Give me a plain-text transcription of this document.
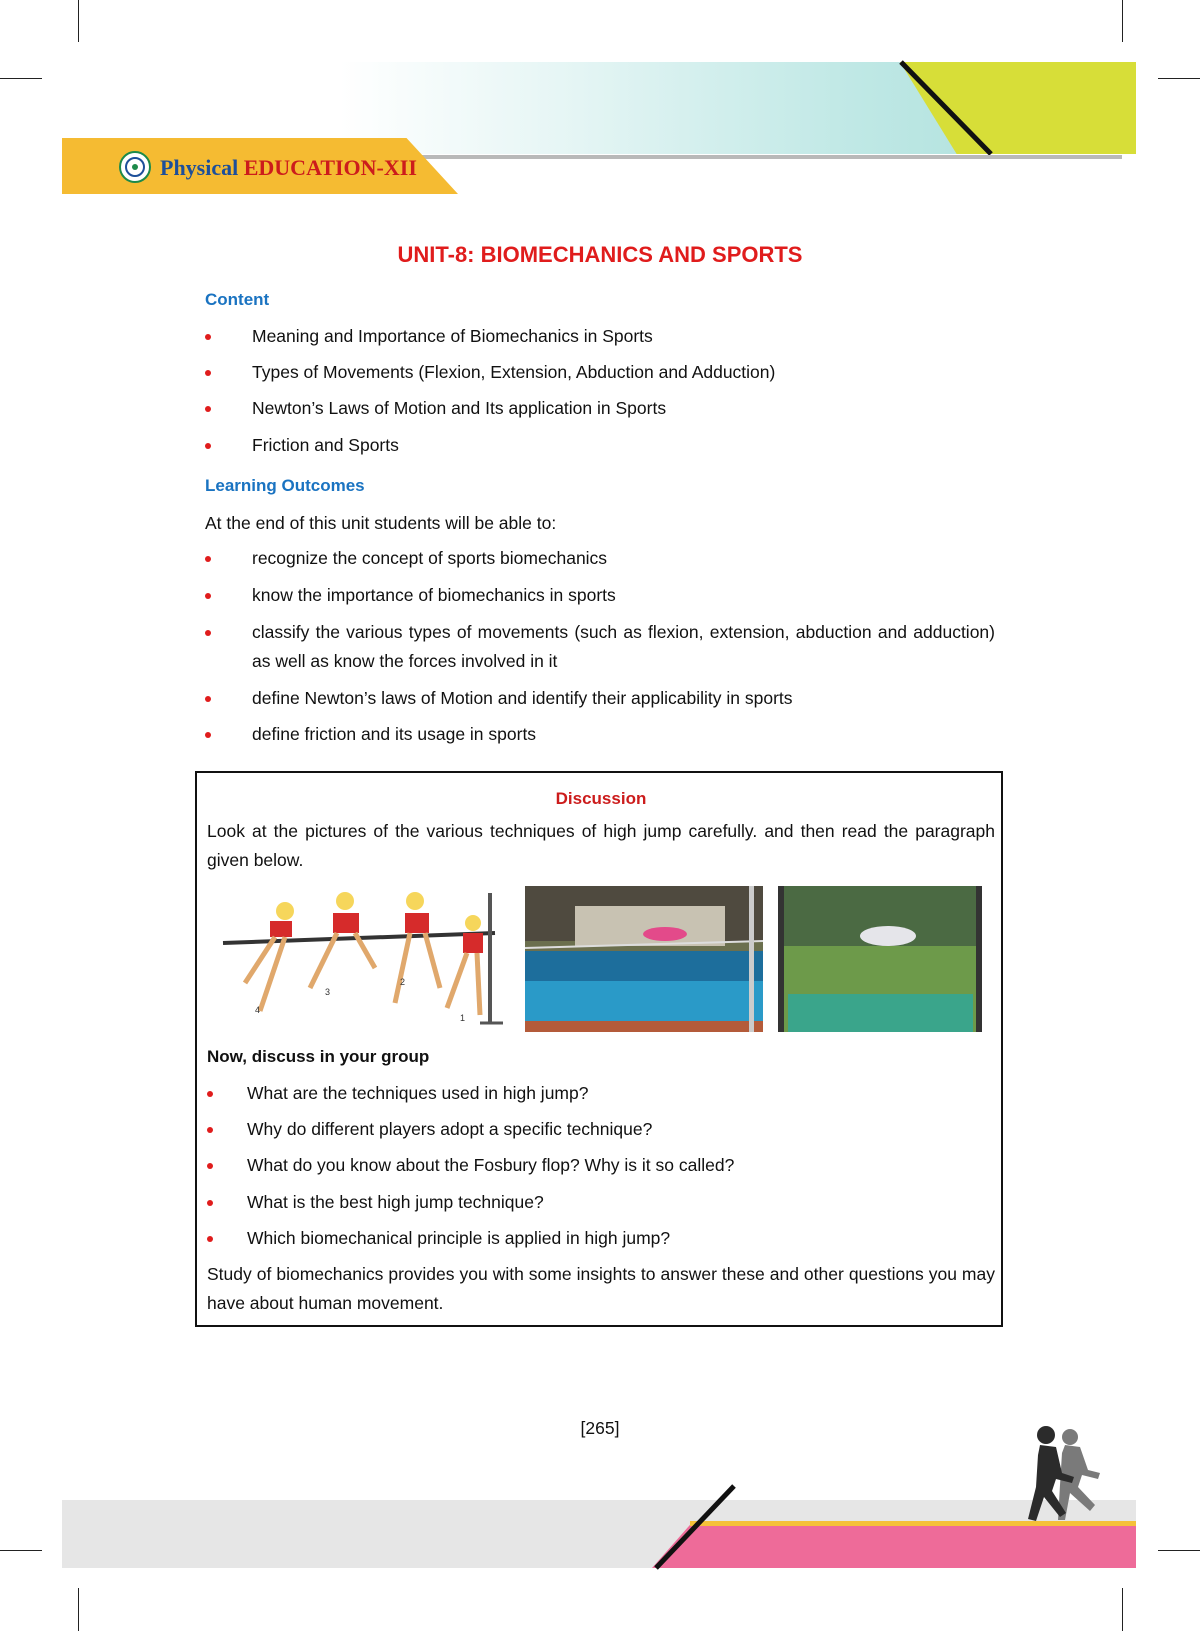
Physical EDUCATION-XII
UNIT-8: BIOMECHANICS AND SPORTS
Content
Meaning and Importance of Biomechanics in Sports
Types of Movements (Flexion, Extension, Abduction and Adduction)
Newton’s Laws of Motion and Its application in Sports
Friction and Sports
Learning Outcomes
At the end of this unit students will be able to:
recognize the concept of sports biomechanics
know the importance of biomechanics in sports
classify the various types of movements (such as flexion, extension, abduction and adduction) as well as know the forces involved in it
define Newton’s laws of Motion and identify their applicability in sports
define friction and its usage in sports
Discussion
Look at the pictures of the various techniques of high jump carefully. and then read the paragraph given below.
1
2
3
4
Now, discuss in your group
What are the techniques used in high jump?
Why do different players adopt a specific technique?
What do you know about the Fosbury flop? Why is it so called?
What is the best high jump technique?
Which biomechanical principle is applied in high jump?
Study of biomechanics provides you with some insights to answer these and other questions you may have about human movement.
[265]
